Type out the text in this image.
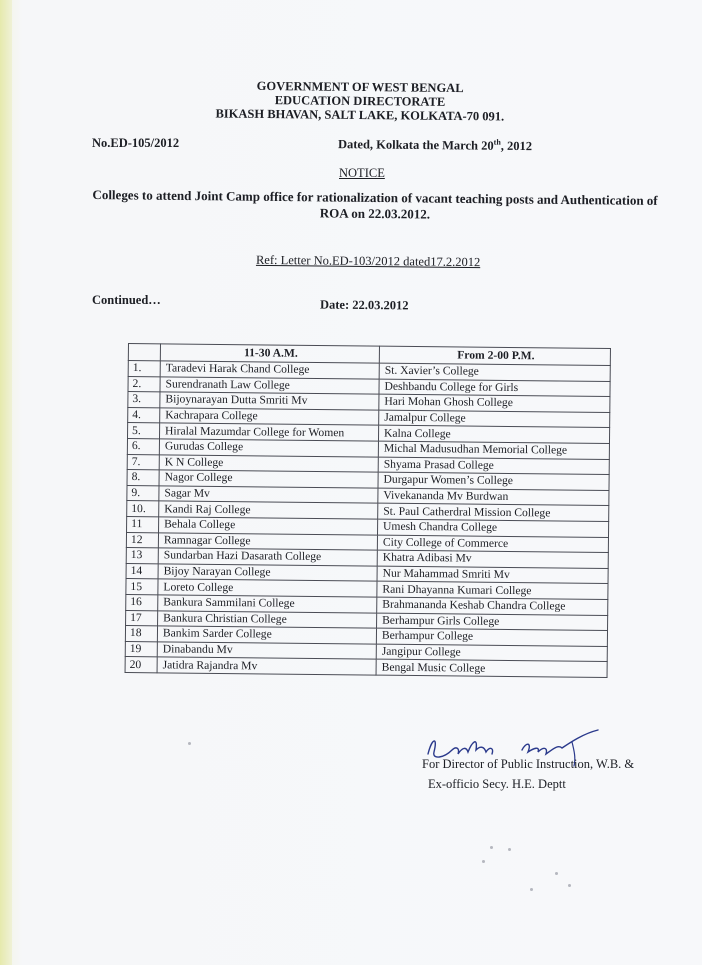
GOVERNMENT OF WEST BENGAL
EDUCATION DIRECTORATE
BIKASH BHAVAN, SALT LAKE, KOLKATA-70 091.
No.ED-105/2012	Dated, Kolkata the March 20th, 2012
NOTICE
Colleges to attend Joint Camp office for rationalization of vacant teaching posts and Authentication of
ROA on 22.03.2012.
Ref: Letter No.ED-103/2012 dated17.2.2012
Continued…	Date: 22.03.2012
	11-30 A.M.	From 2-00 P.M.
1.	Taradevi Harak Chand College	St. Xavier’s College
2.	Surendranath Law College	Deshbandu College for Girls
3.	Bijoynarayan Dutta Smriti Mv	Hari Mohan Ghosh College
4.	Kachrapara College	Jamalpur College
5.	Hiralal Mazumdar College for Women	Kalna College
6.	Gurudas College	Michal Madusudhan Memorial College
7.	K N College	Shyama Prasad College
8.	Nagor College	Durgapur Women’s College
9.	Sagar Mv	Vivekananda Mv Burdwan
10.	Kandi Raj College	St. Paul Catherdral Mission College
11	Behala College	Umesh Chandra College
12	Ramnagar College	City College of Commerce
13	Sundarban Hazi Dasarath College	Khatra Adibasi Mv
14	Bijoy Narayan College	Nur Mahammad Smriti Mv
15	Loreto College	Rani Dhayanna Kumari College
16	Bankura Sammilani College	Brahmananda Keshab Chandra College
17	Bankura Christian College	Berhampur Girls College
18	Bankim Sarder College	Berhampur College
19	Dinabandu Mv	Jangipur College
20	Jatidra Rajandra Mv	Bengal Music College
For Director of Public Instruction, W.B. &
Ex-officio Secy. H.E. Deptt
